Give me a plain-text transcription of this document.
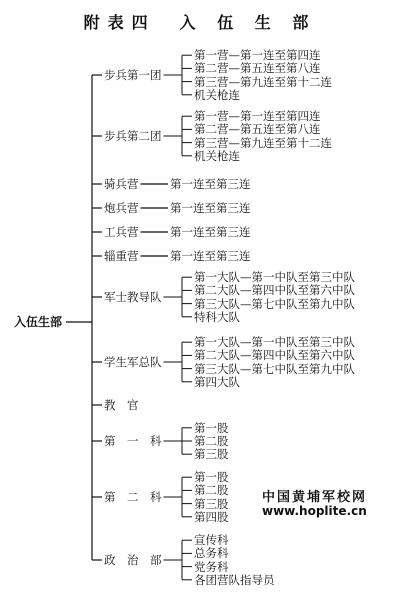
附表四　入 伍 生 部
入伍生部
步兵第一团
第一营—第一连至第四连
第二营—第五连至第八连
第三营—第九连至第十二连
机关枪连
步兵第二团
第一营—第一连至第四连
第二营—第五连至第八连
第三营—第九连至第十二连
机关枪连
骑兵营	第一连至第三连
炮兵营	第一连至第三连
工兵营	第一连至第三连
辎重营	第一连至第三连
军士教导队
第一大队—第一中队至第三中队
第二大队—第四中队至第六中队
第三大队—第七中队至第九中队
特科大队
学生军总队
第一大队—第一中队至第三中队
第二大队—第四中队至第六中队
第三大队—第七中队至第九中队
第四大队
教　官
第　一　科
第一股
第二股
第三股
第　二　科
第一股
第二股
第三股
第四股
政　治　部
宣传科
总务科
党务科
各团营队指导员
中国黄埔军校网
www.hoplite.cn
